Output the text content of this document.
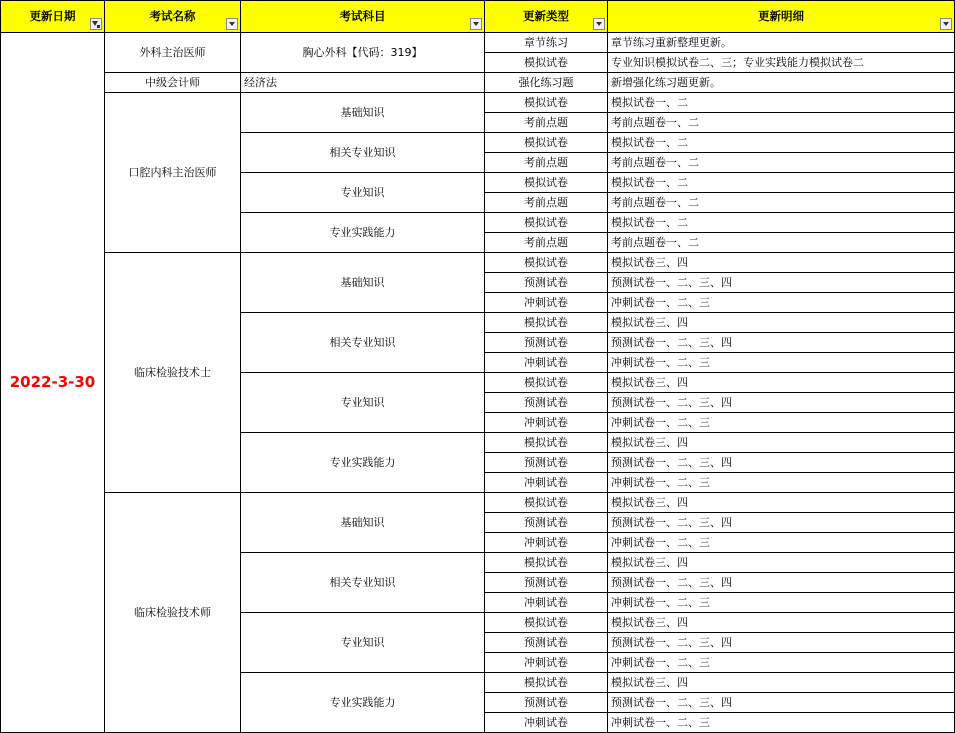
更新日期	考试名称	考试科目	更新类型	更新明细

2022-3-30	外科主治医师	胸心外科【代码：319】	章节练习	章节练习重新整理更新。
			模拟试卷	专业知识模拟试卷二、三；专业实践能力模拟试卷二
	中级会计师	经济法	强化练习题	新增强化练习题更新。
	口腔内科主治医师	基础知识	模拟试卷	模拟试卷一、二
			考前点题	考前点题卷一、二
		相关专业知识	模拟试卷	模拟试卷一、二
			考前点题	考前点题卷一、二
		专业知识	模拟试卷	模拟试卷一、二
			考前点题	考前点题卷一、二
		专业实践能力	模拟试卷	模拟试卷一、二
			考前点题	考前点题卷一、二
	临床检验技术士	基础知识	模拟试卷	模拟试卷三、四
			预测试卷	预测试卷一、二、三、四
			冲刺试卷	冲刺试卷一、二、三
		相关专业知识	模拟试卷	模拟试卷三、四
			预测试卷	预测试卷一、二、三、四
			冲刺试卷	冲刺试卷一、二、三
		专业知识	模拟试卷	模拟试卷三、四
			预测试卷	预测试卷一、二、三、四
			冲刺试卷	冲刺试卷一、二、三
		专业实践能力	模拟试卷	模拟试卷三、四
			预测试卷	预测试卷一、二、三、四
			冲刺试卷	冲刺试卷一、二、三
	临床检验技术师	基础知识	模拟试卷	模拟试卷三、四
			预测试卷	预测试卷一、二、三、四
			冲刺试卷	冲刺试卷一、二、三
		相关专业知识	模拟试卷	模拟试卷三、四
			预测试卷	预测试卷一、二、三、四
			冲刺试卷	冲刺试卷一、二、三
		专业知识	模拟试卷	模拟试卷三、四
			预测试卷	预测试卷一、二、三、四
			冲刺试卷	冲刺试卷一、二、三
		专业实践能力	模拟试卷	模拟试卷三、四
			预测试卷	预测试卷一、二、三、四
			冲刺试卷	冲刺试卷一、二、三
